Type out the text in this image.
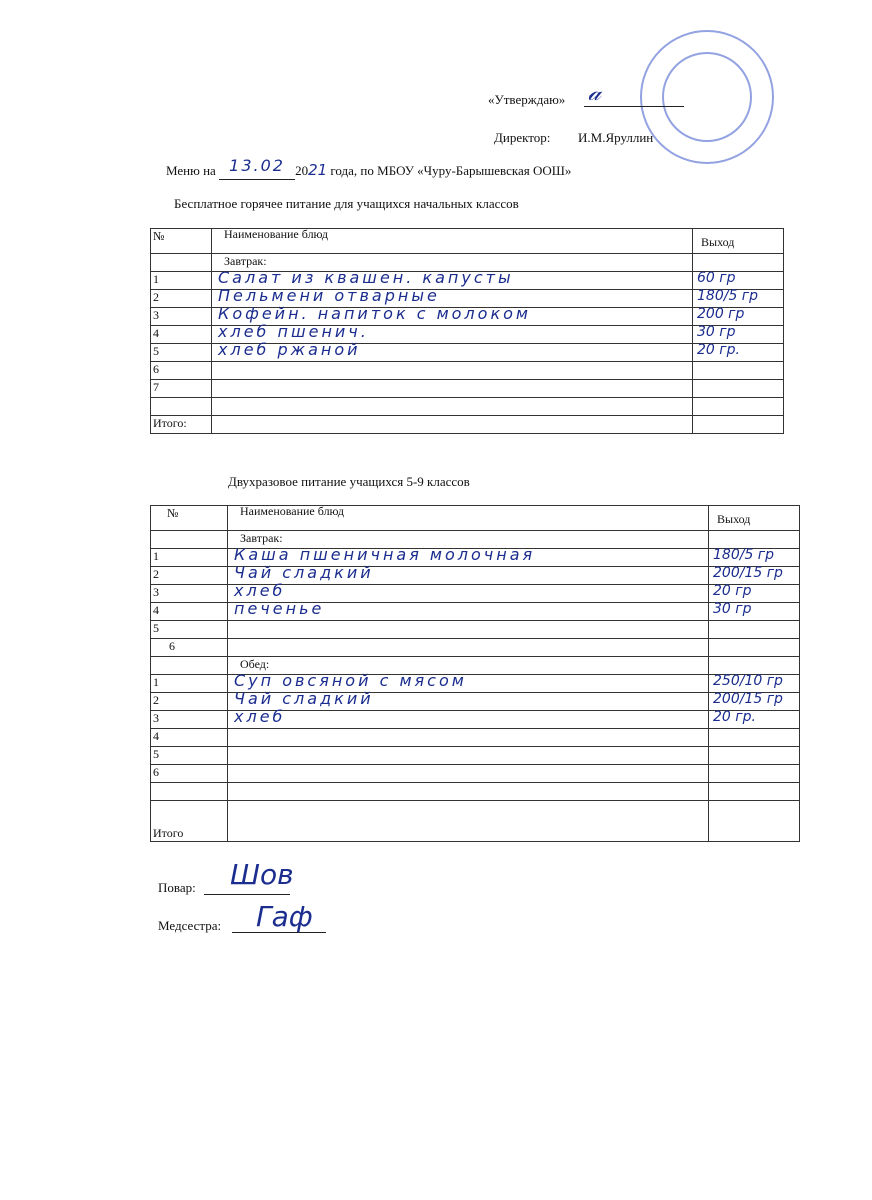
«Утверждаю» 𝒶
Директор: И.М.Яруллин
Меню на 13.02 2021 года, по МБОУ «Чуру-Барышевская ООШ»
Бесплатное горячее питание для учащихся начальных классов
№	Наименование блюд	Выход
	Завтрак:	
1	Салат из квашен. капусты	60 гр

2	Пельмени отварные	180/5 гр

3	Кофейн. напиток с молоком	200 гр

4	хлеб пшенич.	30 гр

5	хлеб ржаной	20 гр.

6	

7	

Итого:		
Двухразовое питание учащихся 5-9 классов
№	Наименование блюд	Выход
	Завтрак:	
1	Каша пшеничная молочная	180/5 гр

2	Чай сладкий	200/15 гр

3	хлеб	20 гр

4	печенье	30 гр

5	

6	

	Обед:	
1	Суп овсяной с мясом	250/10 гр

2	Чай сладкий	200/15 гр

3	хлеб	20 гр.

4	

5	

6	

Итого		
Повар: Шов
Медсестра: Гаф
